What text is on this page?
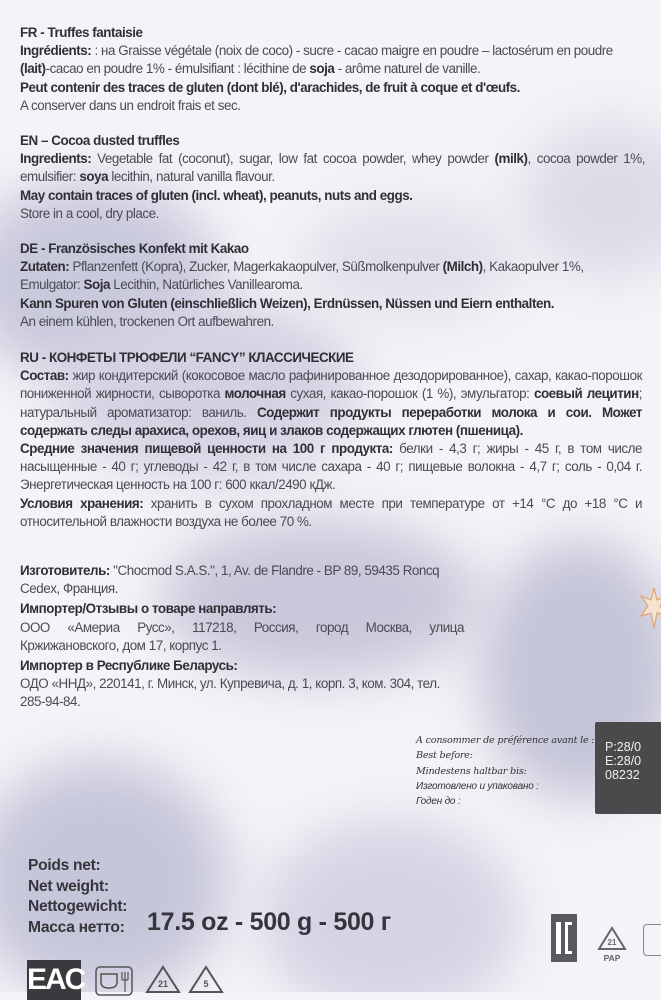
FR - Truffes fantaisie

Ingrédients: : на Graisse végétale (noix de coco) - sucre - cacao maigre en poudre – lactosérum en poudre (lait)-cacao en poudre 1% - émulsifiant : lécithine de soja - arôme naturel de vanille.

Peut contenir des traces de gluten (dont blé), d'arachides, de fruit à coque et d'œufs.

A conserver dans un endroit frais et sec.

EN – Cocoa dusted truffles

Ingredients: Vegetable fat (coconut), sugar, low fat cocoa powder, whey powder (milk), cocoa powder 1%, emulsifier: soya lecithin, natural vanilla flavour.

May contain traces of gluten (incl. wheat), peanuts, nuts and eggs.

Store in a cool, dry place.

DE - Französisches Konfekt mit Kakao

Zutaten: Pflanzenfett (Kopra), Zucker, Magerkakaopulver, Süßmolkenpulver (Milch), Kakaopulver 1%, Emulgator: Soja Lecithin, Natürliches Vanillearoma.

Kann Spuren von Gluten (einschließlich Weizen), Erdnüssen, Nüssen und Eiern enthalten.

An einem kühlen, trockenen Ort aufbewahren.

RU - КОНФЕТЫ ТРЮФЕЛИ “FANCY” КЛАССИЧЕСКИЕ

Состав: жир кондитерский (кокосовое масло рафинированное дезодорированное), сахар, какао-порошок пониженной жирности, сыворотка молочная сухая, какао-порошок (1 %), эмульгатор: соевый лецитин; натуральный ароматизатор: ваниль. Содержит продукты переработки молока и сои. Может содержать следы арахиса, орехов, яиц и злаков содержащих глютен (пшеница).

Средние значения пищевой ценности на 100 г продукта: белки - 4,3 г; жиры - 45 г, в том числе насыщенные - 40 г; углеводы - 42 г, в том числе сахара - 40 г; пищевые волокна - 4,7 г; соль - 0,04 г. Энергетическая ценность на 100 г: 600 ккал/2490 кДж.

Условия хранения: хранить в сухом прохладном месте при температуре от +14 °C до +18 °C и относительной влажности воздуха не более 70 %.

Изготовитель: "Chocmod S.A.S.", 1, Av. de Flandre - BP 89, 59435 Roncq Cedex, Франция.

Импортер/Отзывы о товаре направлять:

ООО «Америа Русс», 117218, Россия, город Москва, улица Кржижановского, дом 17, корпус 1.

Импортер в Республике Беларусь:

ОДО «ННД», 220141, г. Минск, ул. Купревича, д. 1, корп. 3, ком. 304, тел. 285-94-84.

A consommer de préférence avant le :
Best before:
Mindestens haltbar bis:
Изготовлено и упаковано :
Годен до :
P:28/0
E:28/0
08232
Poids net:
Net weight:
Nettogewicht:
Масса нетто: 17.5 oz - 500 g - 500 г
EAC	21	5
21
PAP
